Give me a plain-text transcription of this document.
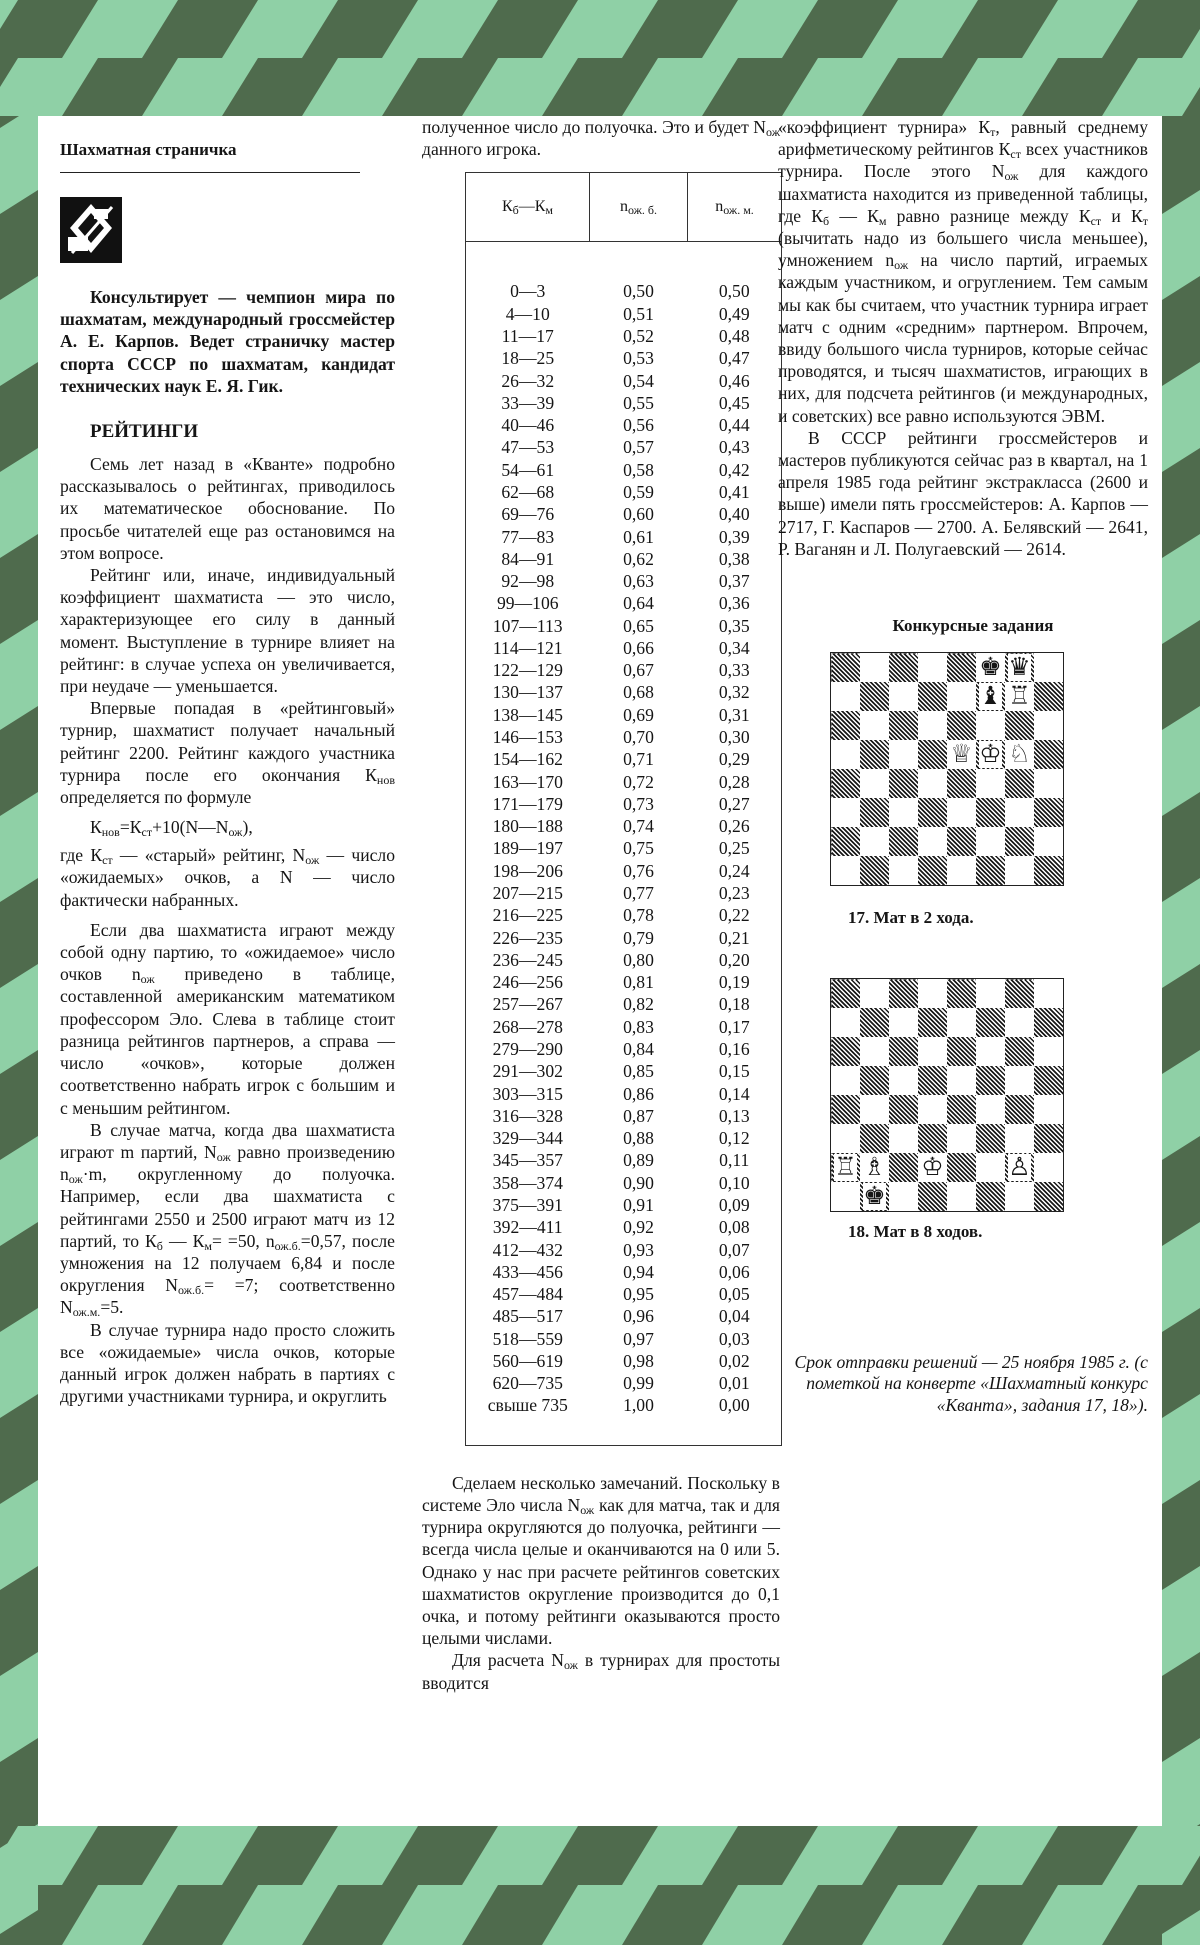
Шахматная страничка

Консультирует — чемпион мира по шахматам, международный гроссмейстер А. Е. Карпов. Ведет страничку мастер спорта СССР по шахматам, кандидат технических наук Е. Я. Гик.

РЕЙТИНГИ

Семь лет назад в «Кванте» подробно рассказывалось о рейтингах, приводилось их математическое обоснование. По просьбе читателей еще раз остановимся на этом вопросе.

Рейтинг или, иначе, индивидуальный коэффициент шахматиста — это число, характеризующее его силу в данный момент. Выступление в турнире влияет на рейтинг: в случае успеха он увеличивается, при неудаче — уменьшается.

Впервые попадая в «рейтинговый» турнир, шахматист получает начальный рейтинг 2200. Рейтинг каждого участника турнира после его окончания $К_{нов}$ определяется по формуле

$К_{нов}=К_{ст}+10(N—N_{ож})$,

где $К_{ст}$ — «старый» рейтинг, $N_{ож}$ — число «ожидаемых» очков, а N — число фактически набранных.

Если два шахматиста играют между собой одну партию, то «ожидаемое» число очков $n_{ож}$ приведено в таблице, составленной американским математиком профессором Эло. Слева в таблице стоит разница рейтингов партнеров, а справа — число «очков», которые должен соответственно набрать игрок с большим и с меньшим рейтингом.

В случае матча, когда два шахматиста играют m партий, $N_{ож}$ равно произведению $n_{ож}\cdot m$, округленному до полуочка. Например, если два шахматиста с рейтингами 2550 и 2500 играют матч из 12 партий, то $К_б$ — $К_м= =50$, $n_{ож.б.}=0,57$, после умножения на 12 получаем 6,84 и после округления $N_{ож.б.}= =7$; соответственно $N_{ож.м.}=5$.

В случае турнира надо просто сложить все «ожидаемые» числа очков, которые данный игрок должен набрать в партиях с другими участниками турнира, и округлить

полученное число до полуочка. Это и будет $N_{ож}$ данного игрока.

$К_б—К_м$	$n_{ож. б.}$	$n_{ож. м.}$
0—3	0,50	0,50
4—10	0,51	0,49
11—17	0,52	0,48
18—25	0,53	0,47
26—32	0,54	0,46
33—39	0,55	0,45
40—46	0,56	0,44
47—53	0,57	0,43
54—61	0,58	0,42
62—68	0,59	0,41
69—76	0,60	0,40
77—83	0,61	0,39
84—91	0,62	0,38
92—98	0,63	0,37
99—106	0,64	0,36
107—113	0,65	0,35
114—121	0,66	0,34
122—129	0,67	0,33
130—137	0,68	0,32
138—145	0,69	0,31
146—153	0,70	0,30
154—162	0,71	0,29
163—170	0,72	0,28
171—179	0,73	0,27
180—188	0,74	0,26
189—197	0,75	0,25
198—206	0,76	0,24
207—215	0,77	0,23
216—225	0,78	0,22
226—235	0,79	0,21
236—245	0,80	0,20
246—256	0,81	0,19
257—267	0,82	0,18
268—278	0,83	0,17
279—290	0,84	0,16
291—302	0,85	0,15
303—315	0,86	0,14
316—328	0,87	0,13
329—344	0,88	0,12
345—357	0,89	0,11
358—374	0,90	0,10
375—391	0,91	0,09
392—411	0,92	0,08
412—432	0,93	0,07
433—456	0,94	0,06
457—484	0,95	0,05
485—517	0,96	0,04
518—559	0,97	0,03
560—619	0,98	0,02
620—735	0,99	0,01
свыше 735	1,00	0,00

Сделаем несколько замечаний. Поскольку в системе Эло числа $N_{ож}$ как для матча, так и для турнира округляются до полуочка, рейтинги — всегда числа целые и оканчиваются на 0 или 5. Однако у нас при расчете рейтингов советских шахматистов округление производится до 0,1 очка, и потому рейтинги оказываются просто целыми числами.

Для расчета $N_{ож}$ в турнирах для простоты вводится

«коэффициент турнира» $К_т$, равный среднему арифметическому рейтингов $К_{ст}$ всех участников турнира. После этого $N_{ож}$ для каждого шахматиста находится из приведенной таблицы, где $К_б$ — $К_м$ равно разнице между $К_{ст}$ и $К_т$ (вычитать надо из большего числа меньшее), умножением $n_{ож}$ на число партий, играемых каждым участником, и огруглением. Тем самым мы как бы считаем, что участник турнира играет матч с одним «средним» партнером. Впрочем, ввиду большого числа турниров, которые сейчас проводятся, и тысяч шахматистов, играющих в них, для подсчета рейтингов (и международных, и советских) все равно используются ЭВМ.

В СССР рейтинги гроссмейстеров и мастеров публикуются сейчас раз в квартал, на 1 апреля 1985 года рейтинг экстракласса (2600 и выше) имели пять гроссмейстеров: А. Карпов — 2717, Г. Каспаров — 2700. А. Белявский — 2641, Р. Ваганян и Л. Полугаевский — 2614.

Конкурсные задания
					♚	♛	
					♝	♖	

				♕	♔	♘	

17. Мат в 2 хода.

♖	♗		♔			♙	
	♚						
18. Мат в 8 ходов.
Срок отправки решений — 25 ноября 1985 г. (с пометкой на конверте «Шахматный конкурс «Кванта», задания 17, 18»).
